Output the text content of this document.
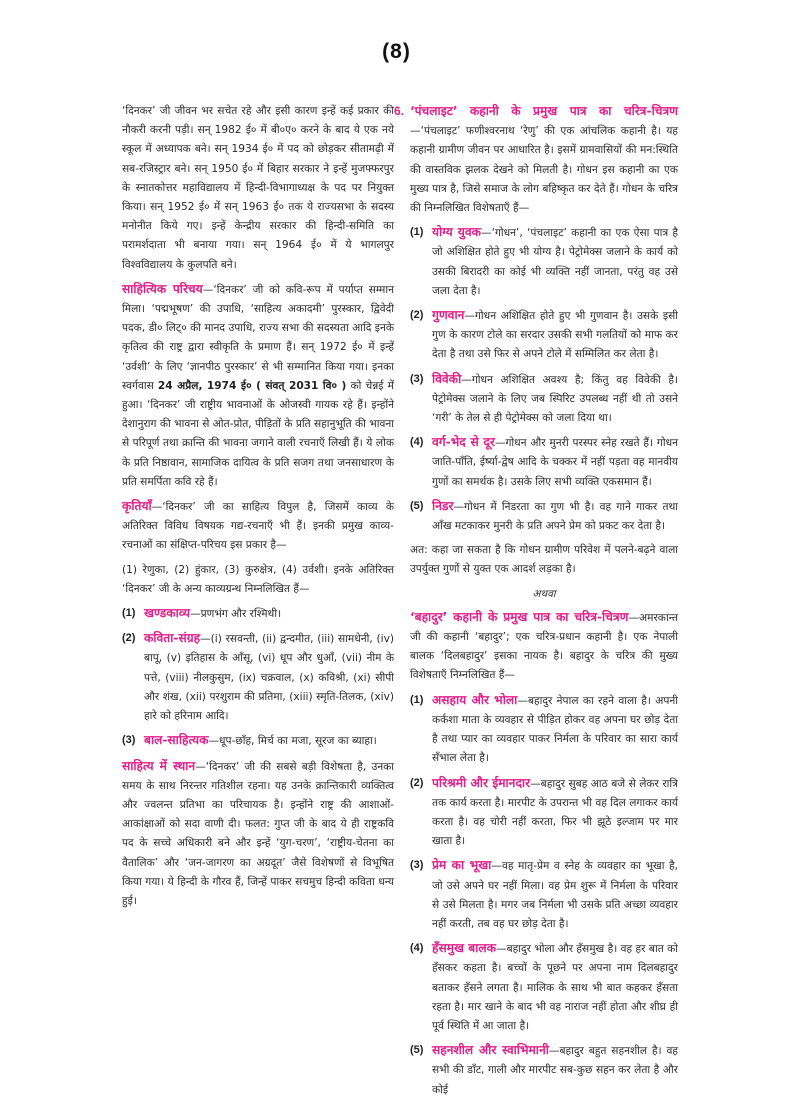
(8)

‘दिनकर’ जी जीवन भर सचेत रहे और इसी कारण इन्हें कई प्रकार की नौकरी करनी पड़ी। सन् 1982 ई० में बी०ए० करने के बाद ये एक नये स्कूल में अध्यापक बने। सन् 1934 ई० में पद को छोड़कर सीतामढ़ी में सब-रजिस्ट्रार बने। सन् 1950 ई० में बिहार सरकार ने इन्हें मुजफ्फरपुर के स्नातकोत्तर महाविद्यालय में हिन्दी-विभागाध्यक्ष के पद पर नियुक्त किया। सन् 1952 ई० में सन् 1963 ई० तक ये राज्यसभा के सदस्य मनोनीत किये गए। इन्हें केन्द्रीय सरकार की हिन्दी-समिति का परामर्शदाता भी बनाया गया। सन् 1964 ई० में ये भागलपुर विश्वविद्यालय के कुलपति बने।

साहित्यिक परिचय—‘दिनकर’ जी को कवि-रूप में पर्याप्त सम्मान मिला। ‘पद्मभूषण’ की उपाधि, ‘साहित्य अकादमी’ पुरस्कार, द्विवेदी पदक, डी० लिट्० की मानद उपाधि, राज्य सभा की सदस्यता आदि इनके कृतित्व की राष्ट्र द्वारा स्वीकृति के प्रमाण हैं। सन् 1972 ई० में इन्हें ‘उर्वशी’ के लिए ‘ज्ञानपीठ पुरस्कार’ से भी सम्मानित किया गया। इनका स्वर्गवास 24 अप्रैल, 1974 ई० ( संवत् 2031 वि० ) को चेन्नई में हुआ। ‘दिनकर’ जी राष्ट्रीय भावनाओं के ओजस्वी गायक रहे हैं। इन्होंने देशानुराग की भावना से ओत-प्रोत, पीड़ितों के प्रति सहानुभूति की भावना से परिपूर्ण तथा क्रान्ति की भावना जगाने वाली रचनाएँ लिखी हैं। ये लोक के प्रति निष्ठावान, सामाजिक दायित्व के प्रति सजग तथा जनसाधारण के प्रति समर्पिता कवि रहे हैं।

कृतियाँ—‘दिनकर’ जी का साहित्य विपुल है, जिसमें काव्य के अतिरिक्त विविध विषयक गद्य-रचनाएँ भी हैं। इनकी प्रमुख काव्य-रचनाओं का संक्षिप्त-परिचय इस प्रकार है—

(1) रेणुका, (2) हुंकार, (3) कुरुक्षेत्र, (4) उर्वशी। इनके अतिरिक्त ‘दिनकर’ जी के अन्य काव्यग्रन्थ निम्नलिखित हैं—

(1) खण्डकाव्य—प्रणभंग और रश्मिथी।
(2) कविता-संग्रह—(i) रसवन्ती, (ii) द्वन्दमीत, (iii) सामधेनी, (iv) बापू, (v) इतिहास के आँसू, (vi) धूप और धुआँ, (vii) नीम के पत्ते, (viii) नीलकुसुम, (ix) चक्रवाल, (x) कविश्री, (xi) सीपी और शंख, (xii) परशुराम की प्रतिमा, (xiii) स्मृति-तिलक, (xiv) हारे को हरिनाम आदि।
(3) बाल-साहित्यक—धूप-छाँह, मिर्च का मजा, सूरज का ब्याहा।

साहित्य में स्थान—‘दिनकर’ जी की सबसे बड़ी विशेषता है, उनका समय के साथ निरन्तर गतिशील रहना। यह उनके क्रान्तिकारी व्यक्तित्व और ज्वलन्त प्रतिभा का परिचायक है। इन्होंने राष्ट्र की आशाओं-आकांक्षाओं को सदा वाणी दी। फलत: गुप्त जी के बाद ये ही राष्ट्रकवि पद के सच्चे अधिकारी बने और इन्हें ‘युग-चरण’, ‘राष्ट्रीय-चेतना का वैतालिक’ और ‘जन-जागरण का अग्रदूत’ जैसे विशेषणों से विभूषित किया गया। ये हिन्दी के गौरव हैं, जिन्हें पाकर सचमुच हिन्दी कविता धन्य हुई।

6. ‘पंचलाइट’ कहानी के प्रमुख पात्र का चरित्र-चित्रण—‘पंचलाइट’ फणीश्वरनाथ ‘रेणु’ की एक आंचलिक कहानी है। यह कहानी ग्रामीण जीवन पर आधारित है। इसमें ग्रामवासियों की मन:स्थिति की वास्तविक झलक देखने को मिलती है। गोधन इस कहानी का एक मुख्य पात्र है, जिसे समाज के लोग बहिष्कृत कर देते हैं। गोधन के चरित्र की निम्नलिखित विशेषताएँ हैं—

(1) योग्य युवक—‘गोधन’, ‘पंचलाइट’ कहानी का एक ऐसा पात्र है जो अशिक्षित होते हुए भी योग्य है। पेट्रोमेक्स जलाने के कार्य को उसकी बिरादरी का कोई भी व्यक्ति नहीं जानता, परंतु वह उसे जला देता है।
(2) गुणवान—गोधन अशिक्षित होते हुए भी गुणवान है। उसके इसी गुण के कारण टोले का सरदार उसकी सभी गलतियों को माफ कर देता है तथा उसे फिर से अपने टोले में सम्मिलित कर लेता है।
(3) विवेकी—गोधन अशिक्षित अवश्य है; किंतु वह विवेकी है। पेट्रोमेक्स जलाने के लिए जब स्पिरिट उपलब्ध नहीं थी तो उसने ‘गरी’ के तेल से ही पेट्रोमेक्स को जला दिया था।
(4) वर्ग-भेद से दूर—गोधन और मुनरी परस्पर स्नेह रखते हैं। गोधन जाति-पाँति, ईर्ष्या-द्वेष आदि के चक्कर में नहीं पड़ता वह मानवीय गुणों का समर्थक है। उसके लिए सभी व्यक्ति एकसमान हैं।
(5) निडर—गोधन में निडरता का गुण भी है। वह गाने गाकर तथा आँख मटकाकर मुनरी के प्रति अपने प्रेम को प्रकट कर देता है।

अत: कहा जा सकता है कि गोधन ग्रामीण परिवेश में पलने-बढ़ने वाला उपर्युक्त गुणों से युक्त एक आदर्श लड़का है।

अथवा

‘बहादुर’ कहानी के प्रमुख पात्र का चरित्र-चित्रण—अमरकान्त जी की कहानी ‘बहादुर’; एक चरित्र-प्रधान कहानी है। एक नेपाली बालक ‘दिलबहादुर’ इसका नायक है। बहादुर के चरित्र की मुख्य विशेषताएँ निम्नलिखित हैं—

(1) असहाय और भोला—बहादुर नेपाल का रहने वाला है। अपनी कर्कशा माता के व्यवहार से पीड़ित होकर वह अपना घर छोड़ देता है तथा प्यार का व्यवहार पाकर निर्मला के परिवार का सारा कार्य सँभाल लेता है।
(2) परिश्रमी और ईमानदार—बहादुर सुबह आठ बजे से लेकर रात्रि तक कार्य करता है। मारपीट के उपरान्त भी वह दिल लगाकर कार्य करता है। वह चोरी नहीं करता, फिर भी झूठे इल्जाम पर मार खाता है।
(3) प्रेम का भूखा—वह मातृ-प्रेम व स्नेह के व्यवहार का भूखा है, जो उसे अपने घर नहीं मिला। वह प्रेम शुरू में निर्मला के परिवार से उसे मिलता है। मगर जब निर्मला भी उसके प्रति अच्छा व्यवहार नहीं करती, तब वह घर छोड़ देता है।
(4) हँसमुख बालक—बहादुर भोला और हँसमुख है। वह हर बात को हँसकर कहता है। बच्चों के पूछने पर अपना नाम दिलबहादुर बताकर हँसने लगता है। मालिक के साथ भी बात कहकर हँसता रहता है। मार खाने के बाद भी वह नाराज नहीं होता और शीघ्र ही पूर्व स्थिति में आ जाता है।
(5) सहनशील और स्वाभिमानी—बहादुर बहुत सहनशील है। वह सभी की डाँट, गाली और मारपीट सब-कुछ सहन कर लेता है और कोई
